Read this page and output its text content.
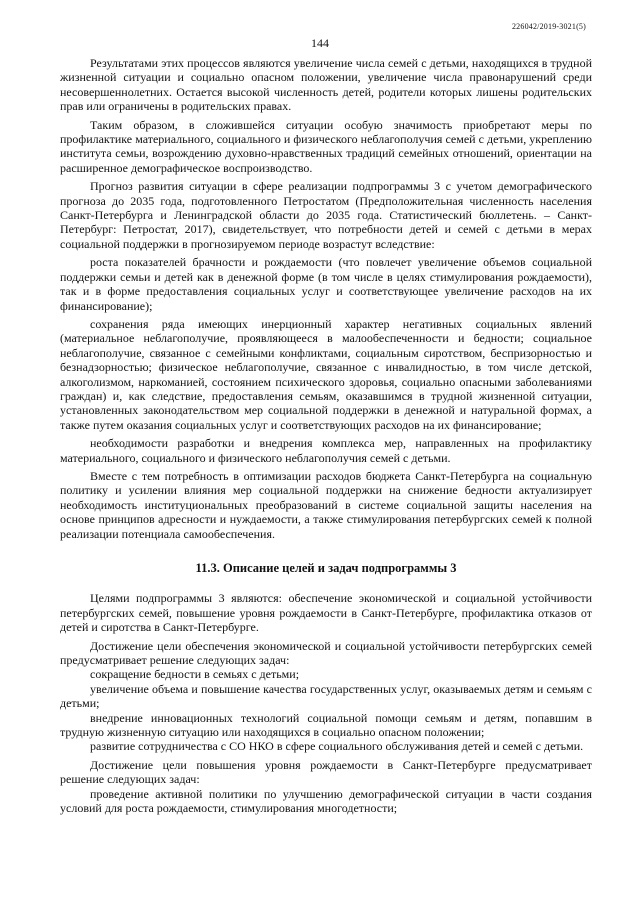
226042/2019-3021(5)
144

Результатами этих процессов являются увеличение числа семей с детьми, находящихся в трудной жизненной ситуации и социально опасном положении, увеличение числа правонарушений среди несовершеннолетних. Остается высокой численность детей, родители которых лишены родительских прав или ограничены в родительских правах.

Таким образом, в сложившейся ситуации особую значимость приобретают меры по профилактике материального, социального и физического неблагополучия семей с детьми, укреплению института семьи, возрождению духовно-нравственных традиций семейных отношений, ориентации на расширенное демографическое воспроизводство.

Прогноз развития ситуации в сфере реализации подпрограммы 3 с учетом демографического прогноза до 2035 года, подготовленного Петростатом (Предположительная численность населения Санкт-Петербурга и Ленинградской области до 2035 года. Статистический бюллетень. – Санкт-Петербург: Петростат, 2017), свидетельствует, что потребности детей и семей с детьми в мерах социальной поддержки в прогнозируемом периоде возрастут вследствие:

роста показателей брачности и рождаемости (что повлечет увеличение объемов социальной поддержки семьи и детей как в денежной форме (в том числе в целях стимулирования рождаемости), так и в форме предоставления социальных услуг и соответствующее увеличение расходов на их финансирование);

сохранения ряда имеющих инерционный характер негативных социальных явлений (материальное неблагополучие, проявляющееся в малообеспеченности и бедности; социальное неблагополучие, связанное с семейными конфликтами, социальным сиротством, беспризорностью и безнадзорностью; физическое неблагополучие, связанное с инвалидностью, в том числе детской, алкоголизмом, наркоманией, состоянием психического здоровья, социально опасными заболеваниями граждан) и, как следствие, предоставления семьям, оказавшимся в трудной жизненной ситуации, установленных законодательством мер социальной поддержки в денежной и натуральной формах, а также путем оказания социальных услуг и соответствующих расходов на их финансирование;

необходимости разработки и внедрения комплекса мер, направленных на профилактику материального, социального и физического неблагополучия семей с детьми.

Вместе с тем потребность в оптимизации расходов бюджета Санкт-Петербурга на социальную политику и усилении влияния мер социальной поддержки на снижение бедности актуализирует необходимость институциональных преобразований в системе социальной защиты населения на основе принципов адресности и нуждаемости, а также стимулирования петербургских семей к полной реализации потенциала самообеспечения.

11.3. Описание целей и задач подпрограммы 3

Целями подпрограммы 3 являются: обеспечение экономической и социальной устойчивости петербургских семей, повышение уровня рождаемости в Санкт-Петербурге, профилактика отказов от детей и сиротства в Санкт-Петербурге.

Достижение цели обеспечения экономической и социальной устойчивости петербургских семей предусматривает решение следующих задач:

сокращение бедности в семьях с детьми;

увеличение объема и повышение качества государственных услуг, оказываемых детям и семьям с детьми;

внедрение инновационных технологий социальной помощи семьям и детям, попавшим в трудную жизненную ситуацию или находящихся в социально опасном положении;

развитие сотрудничества с СО НКО в сфере социального обслуживания детей и семей с детьми.

Достижение цели повышения уровня рождаемости в Санкт-Петербурге предусматривает решение следующих задач:

проведение активной политики по улучшению демографической ситуации в части создания условий для роста рождаемости, стимулирования многодетности;
